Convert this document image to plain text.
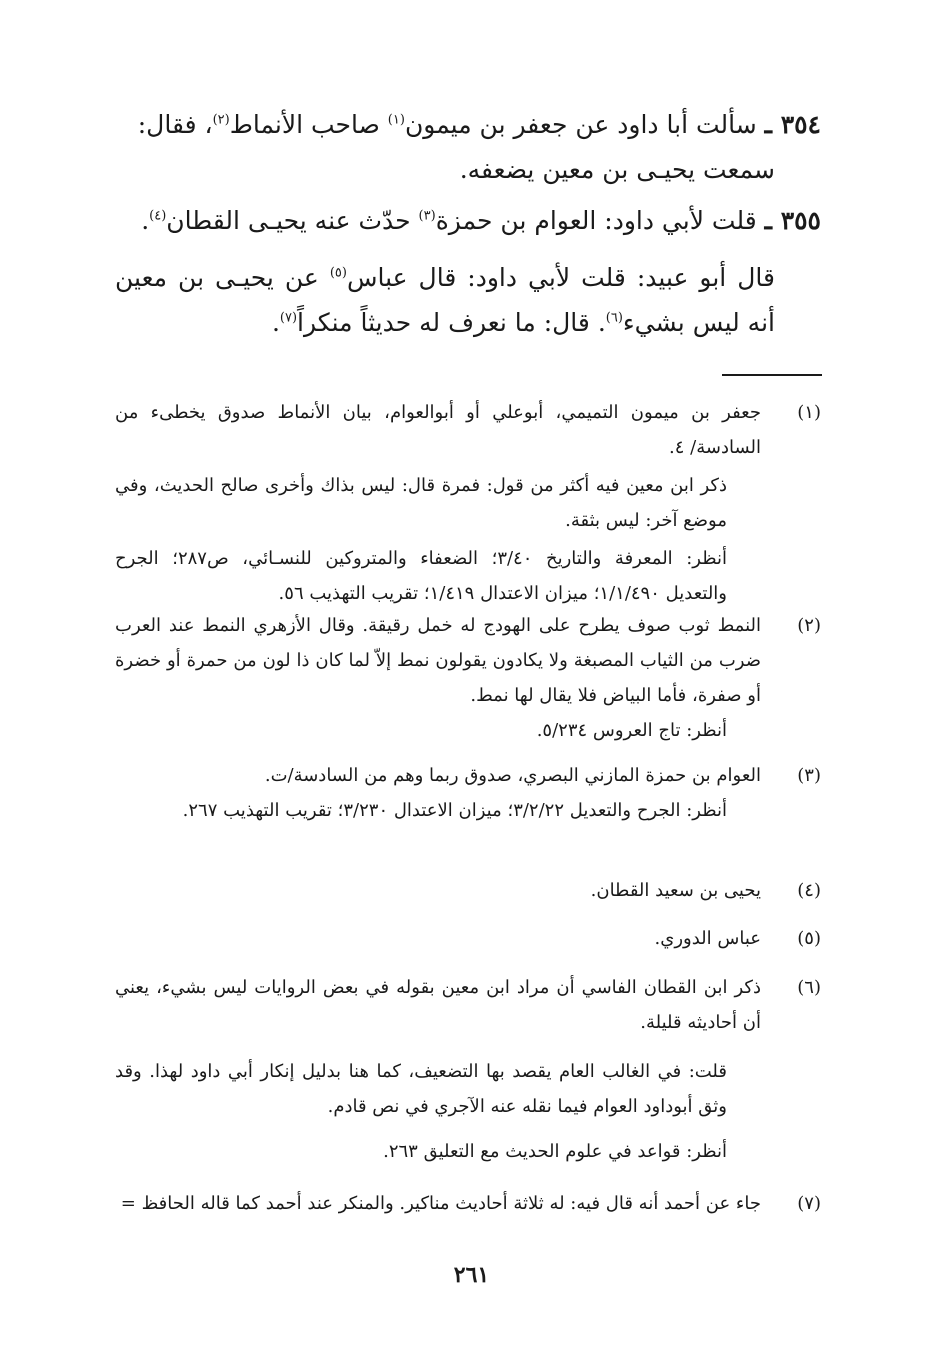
٣٥٤ ـ سألت أبا داود عن جعفر بن ميمون$^{(١)}$ صاحب الأنماط$^{(٢)}$، فقال:

سمعت يحيـى بن معين يضعفه.

٣٥٥ ـ قلت لأبي داود: العوام بن حمزة$^{(٣)}$ حدّث عنه يحيـى القطان$^{(٤)}$.

قال أبو عبيد: قلت لأبي داود: قال عباس$^{(٥)}$ عن يحيـى بن معين أنه ليس بشيء$^{(٦)}$. قال: ما نعرف له حديثاً منكراً$^{(٧)}$.

(١)

جعفر بن ميمون التميمي، أبوعلي أو أبوالعوام، بيان الأنماط صدوق يخطىء من السادسة/ ٤.

ذكر ابن معين فيه أكثر من قول: فمرة قال: ليس بذاك وأخرى صالح الحديث، وفي موضع آخر: ليس بثقة.

أنظر: المعرفة والتاريخ ٣/٤٠؛ الضعفاء والمتروكين للنسـائي، ص٢٨٧؛ الجرح والتعديل ١/١/٤٩٠؛ ميزان الاعتدال ١/٤١٩؛ تقريب التهذيب ٥٦.

(٢)

النمط ثوب صوف يطرح على الهودج له خمل رقيقة. وقال الأزهري النمط عند العرب ضرب من الثياب المصبغة ولا يكادون يقولون نمط إلاّ لما كان ذا لون من حمرة أو خضرة أو صفرة، فأما البياض فلا يقال لها نمط.

أنظر: تاج العروس ٥/٢٣٤.

(٣)

العوام بن حمزة المازني البصري، صدوق ربما وهم من السادسة/ت.

أنظر: الجرح والتعديل ٣/٢/٢٢؛ ميزان الاعتدال ٣/٢٣٠؛ تقريب التهذيب ٢٦٧.

(٤)

يحيى بن سعيد القطان.

(٥)

عباس الدوري.

(٦)

ذكر ابن القطان الفاسي أن مراد ابن معين بقوله في بعض الروايات ليس بشيء، يعني أن أحاديثه قليلة.

قلت: في الغالب العام يقصد بها التضعيف، كما هنا بدليل إنكار أبي داود لهذا. وقد وثق أبوداود العوام فيما نقله عنه الآجري في نص قادم.

أنظر: قواعد في علوم الحديث مع التعليق ٢٦٣.

(٧)

جاء عن أحمد أنه قال فيه: له ثلاثة أحاديث مناكير. والمنكر عند أحمد كما قاله الحافظ =

٢٦١
